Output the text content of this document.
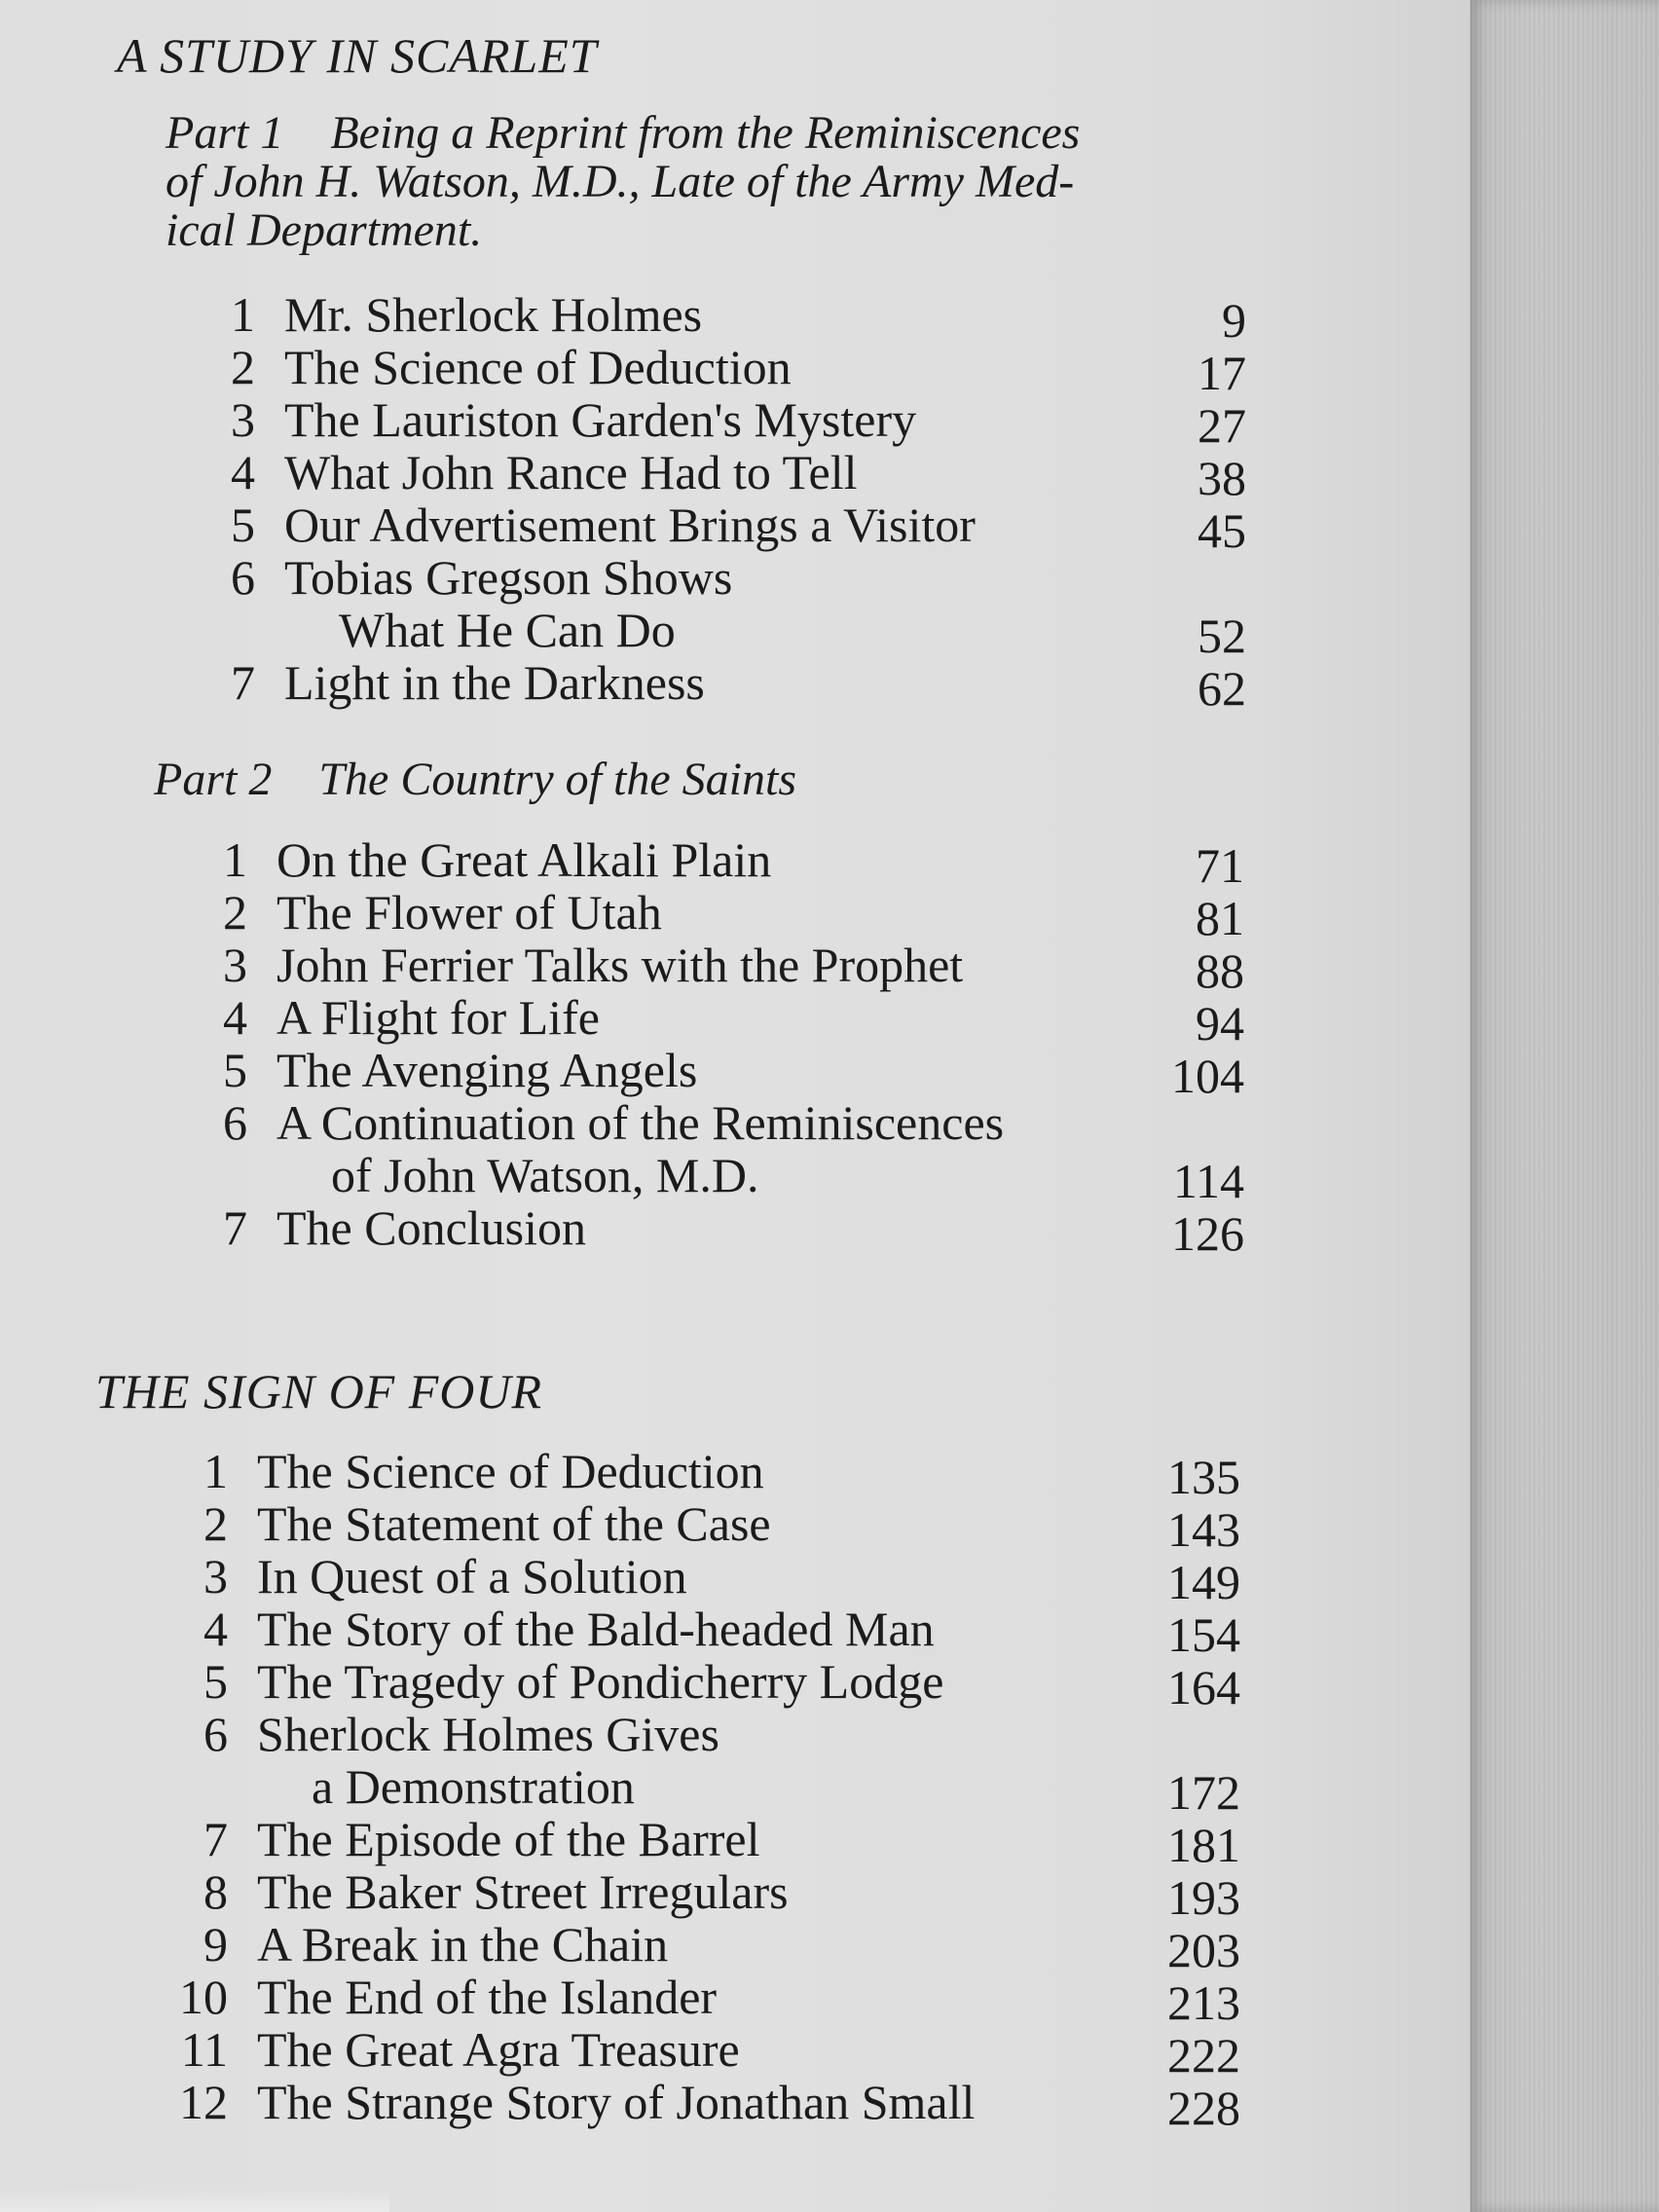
A STUDY IN SCARLET
Part 1 Being a Reprint from the Reminiscences
of John H. Watson, M.D., Late of the Army Med-
ical Department.
1 Mr. Sherlock Holmes	9
2 The Science of Deduction	17
3 The Lauriston Garden's Mystery	27
4 What John Rance Had to Tell	38
5 Our Advertisement Brings a Visitor	45
6 Tobias Gregson Shows
What He Can Do	52
7 Light in the Darkness	62
Part 2 The Country of the Saints
1 On the Great Alkali Plain	71
2 The Flower of Utah	81
3 John Ferrier Talks with the Prophet	88
4 A Flight for Life	94
5 The Avenging Angels	104
6 A Continuation of the Reminiscences
of John Watson, M.D.	114
7 The Conclusion	126
THE SIGN OF FOUR
1 The Science of Deduction	135
2 The Statement of the Case	143
3 In Quest of a Solution	149
4 The Story of the Bald-headed Man	154
5 The Tragedy of Pondicherry Lodge	164
6 Sherlock Holmes Gives
a Demonstration	172
7 The Episode of the Barrel	181
8 The Baker Street Irregulars	193
9 A Break in the Chain	203
10 The End of the Islander	213
11 The Great Agra Treasure	222
12 The Strange Story of Jonathan Small	228
